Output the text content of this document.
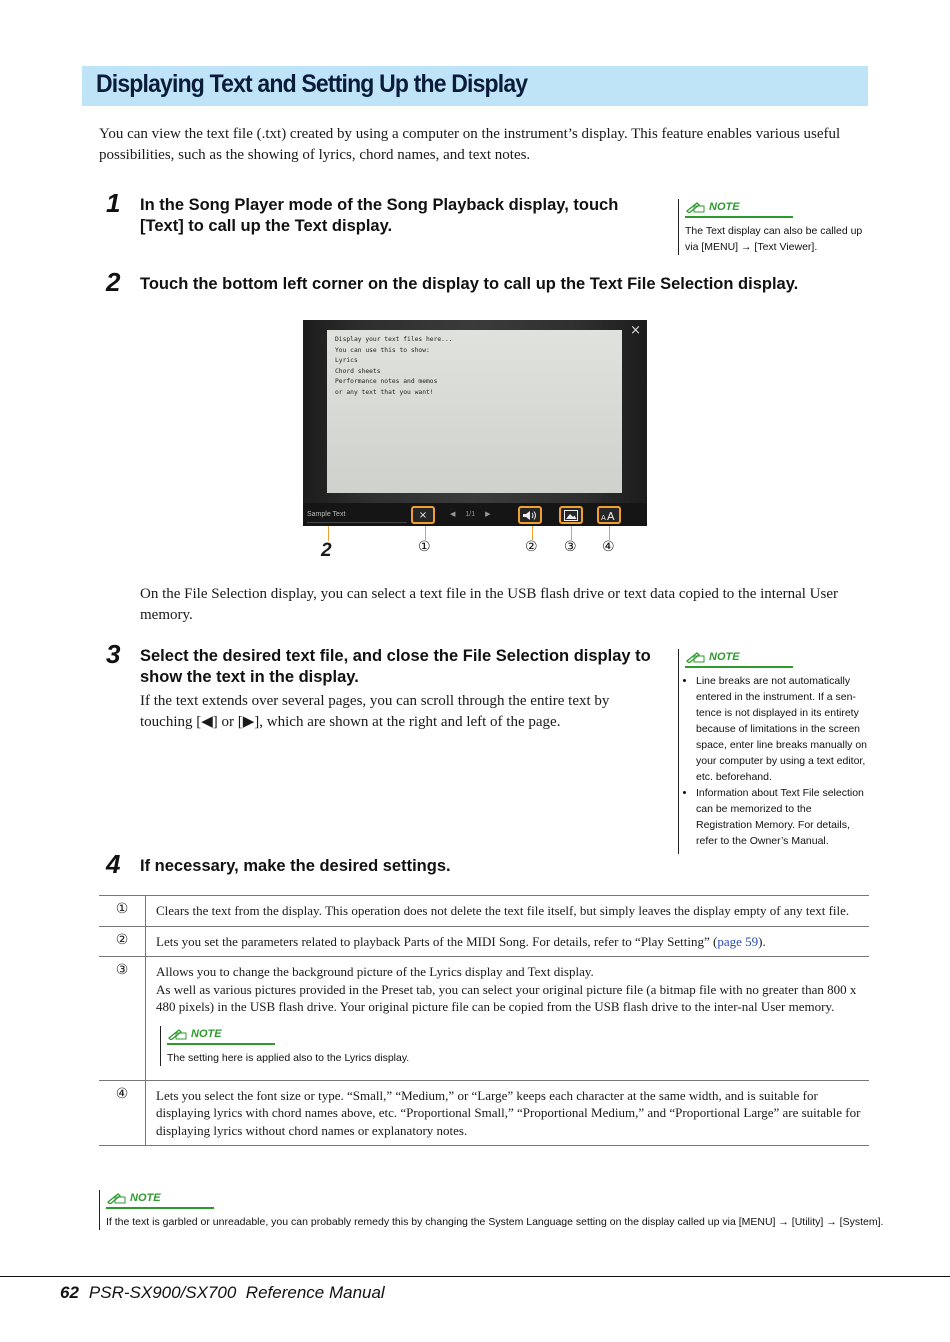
Displaying Text and Setting Up the Display

You can view the text file (.txt) created by using a computer on the instrument’s display. This feature enables various useful possibilities, such as the showing of lyrics, chord names, and text notes.

1 In the Song Player mode of the Song Playback display, touch [Text] to call up the Text display.
NOTE
The Text display can also be called up via [MENU] → [Text Viewer].
2 Touch the bottom left corner on the display to call up the Text File Selection display.
Display your text files here...
You can use this to show:
Lyrics
Chord sheets
Performance notes and memos
or any text that you want!
×
Sample Text	×	◀ 1/1 ▶	A A
2	①	② ③ ④

On the File Selection display, you can select a text file in the USB flash drive or text data copied to the internal User memory.

3 Select the desired text file, and close the File Selection display to show the text in the display.

If the text extends over several pages, you can scroll through the entire text by touching [◀] or [▶], which are shown at the right and left of the page.

NOTE
• Line breaks are not automatically entered in the instrument. If a sen-tence is not displayed in its entirety because of limitations in the screen space, enter line breaks manually on your computer by using a text editor, etc. beforehand.
• Information about Text File selection can be memorized to the Registration Memory. For details, refer to the Owner’s Manual.
4 If necessary, make the desired settings.
①	Clears the text from the display. This operation does not delete the text file itself, but simply leaves the display empty of any text file.
②	Lets you set the parameters related to playback Parts of the MIDI Song. For details, refer to “Play Setting” (page 59).
③	Allows you to change the background picture of the Lyrics display and Text display.
As well as various pictures provided in the Preset tab, you can select your original picture file (a bitmap file with no greater than 800 x 480 pixels) in the USB flash drive. Your original picture file can be copied from the USB flash drive to the inter-nal User memory.
NOTE
The setting here is applied also to the Lyrics display.

④	Lets you select the font size or type. “Small,” “Medium,” or “Large” keeps each character at the same width, and is suitable for displaying lyrics with chord names above, etc. “Proportional Small,” “Proportional Medium,” and “Proportional Large” are suitable for displaying lyrics without chord names or explanatory notes.
NOTE
If the text is garbled or unreadable, you can probably remedy this by changing the System Language setting on the display called up via [MENU] → [Utility] → [System].
62 PSR-SX900/SX700  Reference Manual
